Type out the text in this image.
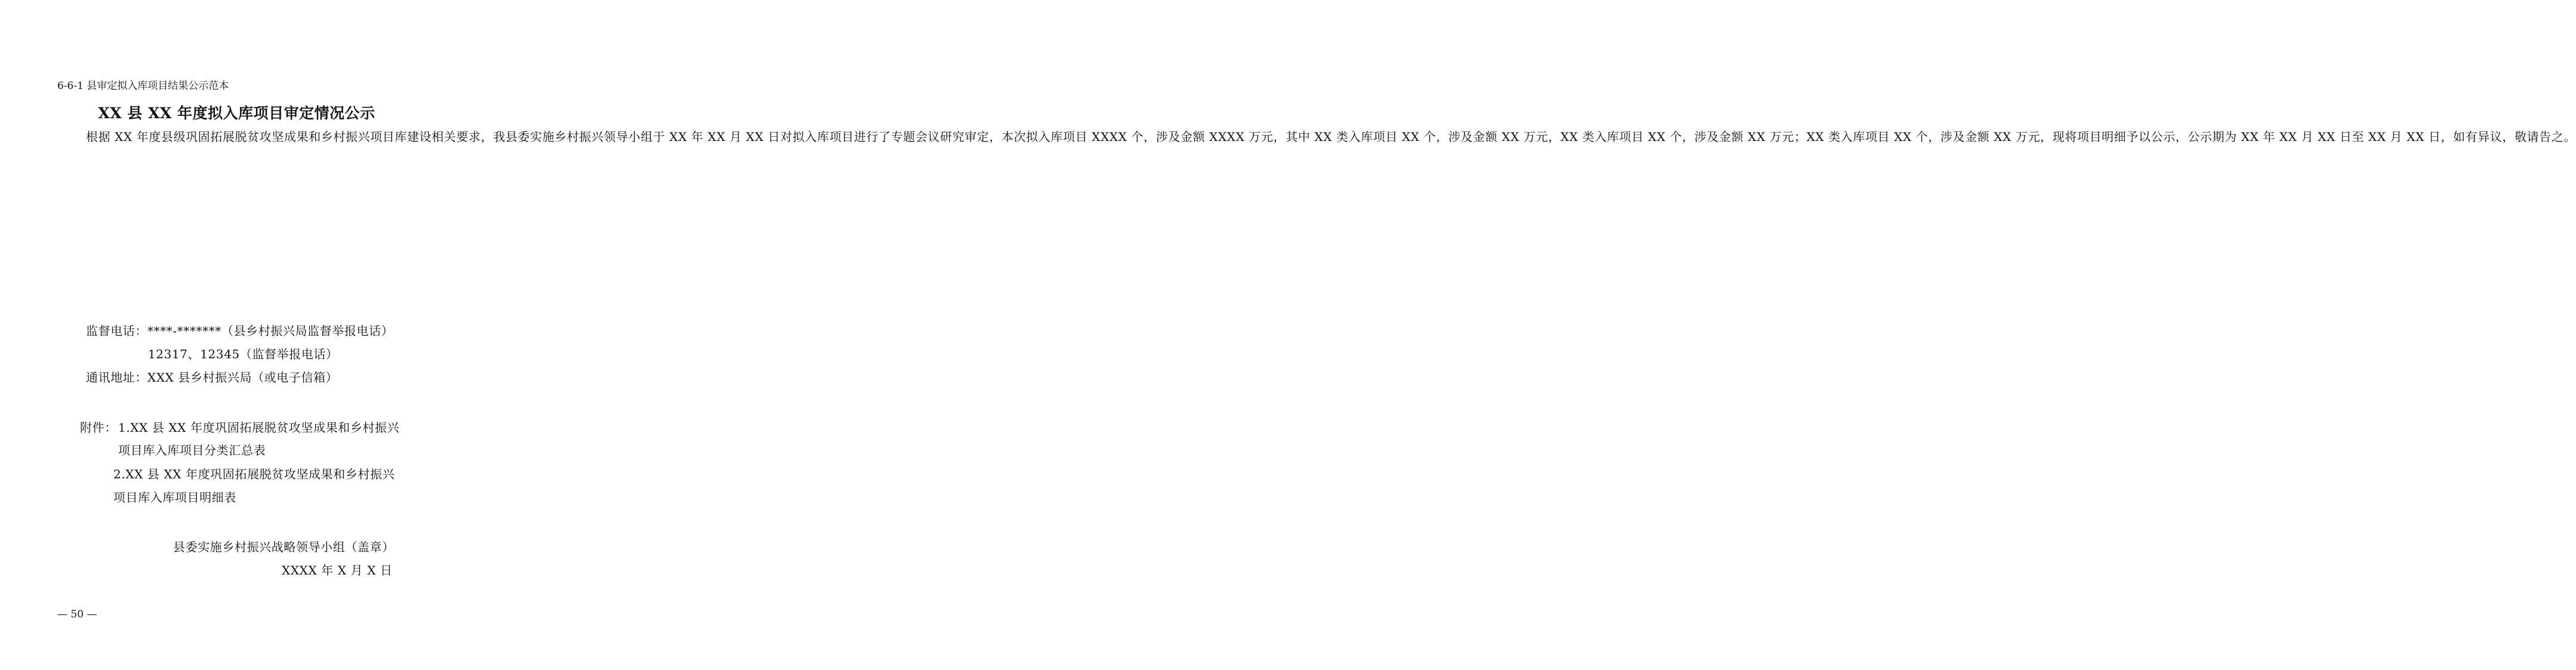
6-6-1 县审定拟入库项目结果公示范本
XX 县 XX 年度拟入库项目审定情况公示
根据 XX 年度县级巩固拓展脱贫攻坚成果和乡村振兴项目库建设相关要求，我县委实施乡村振兴领导小组于 XX 年 XX 月 XX 日对拟入库项目进行了专题会议研究审定，本次拟入库项目 XXXX 个，涉及金额 XXXX 万元，其中 XX 类入库项目 XX 个，涉及金额 XX 万元，XX 类入库项目 XX 个，涉及金额 XX 万元；XX 类入库项目 XX 个，涉及金额 XX 万元，现将项目明细予以公示，公示期为 XX 年 XX 月 XX 日至 XX 月 XX 日，如有异议，敬请告之。
监督电话：****-*******（县乡村振兴局监督举报电话）
12317、12345（监督举报电话）
通讯地址：XXX 县乡村振兴局（或电子信箱）
附件： 1.XX 县 XX 年度巩固拓展脱贫攻坚成果和乡村振兴
项目库入库项目分类汇总表
2.XX 县 XX 年度巩固拓展脱贫攻坚成果和乡村振兴
项目库入库项目明细表
县委实施乡村振兴战略领导小组（盖章）
XXXX 年 X 月 X 日
— 50 —
